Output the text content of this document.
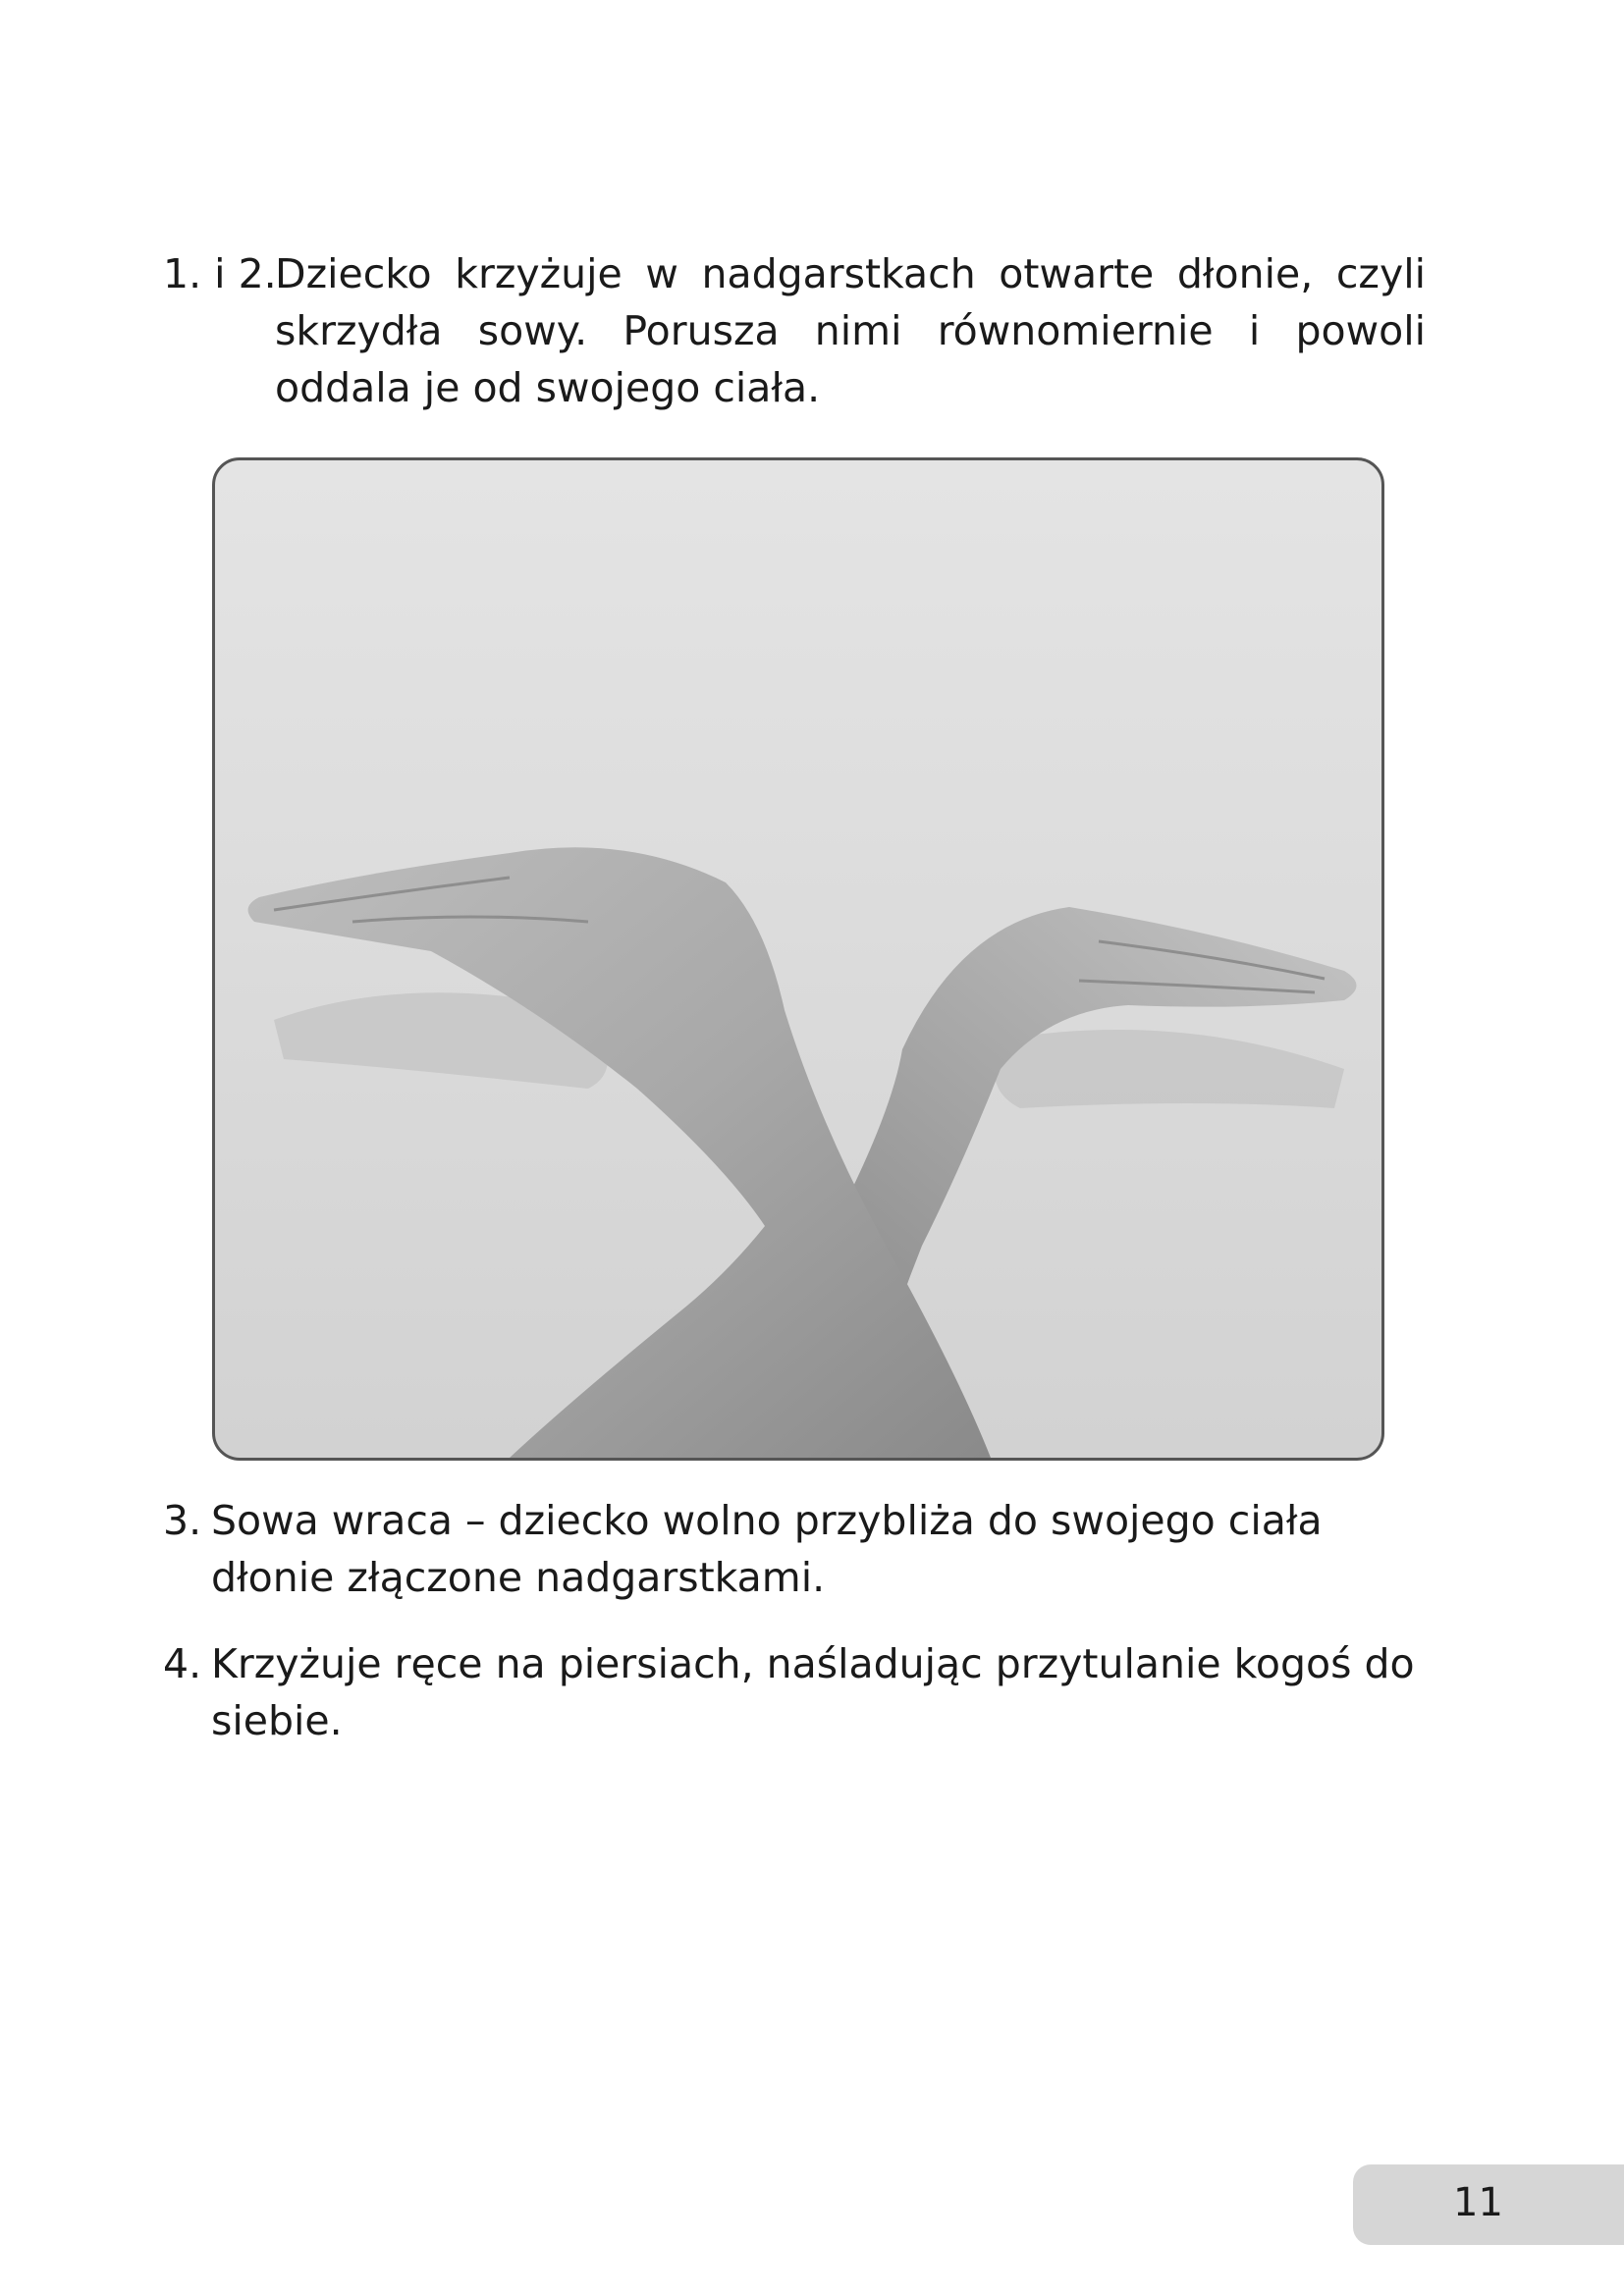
1. i 2.
Dziecko krzyżuje w nadgarstkach otwarte dłonie, czyli skrzydła sowy. Porusza nimi równomiernie i powoli oddala je od swojego ciała.
3. Sowa wraca – dziecko wolno przybliża do swojego ciała dłonie złączone nadgarstkami.
4. Krzyżuje ręce na piersiach, naśladując przytulanie kogoś do siebie.
11
